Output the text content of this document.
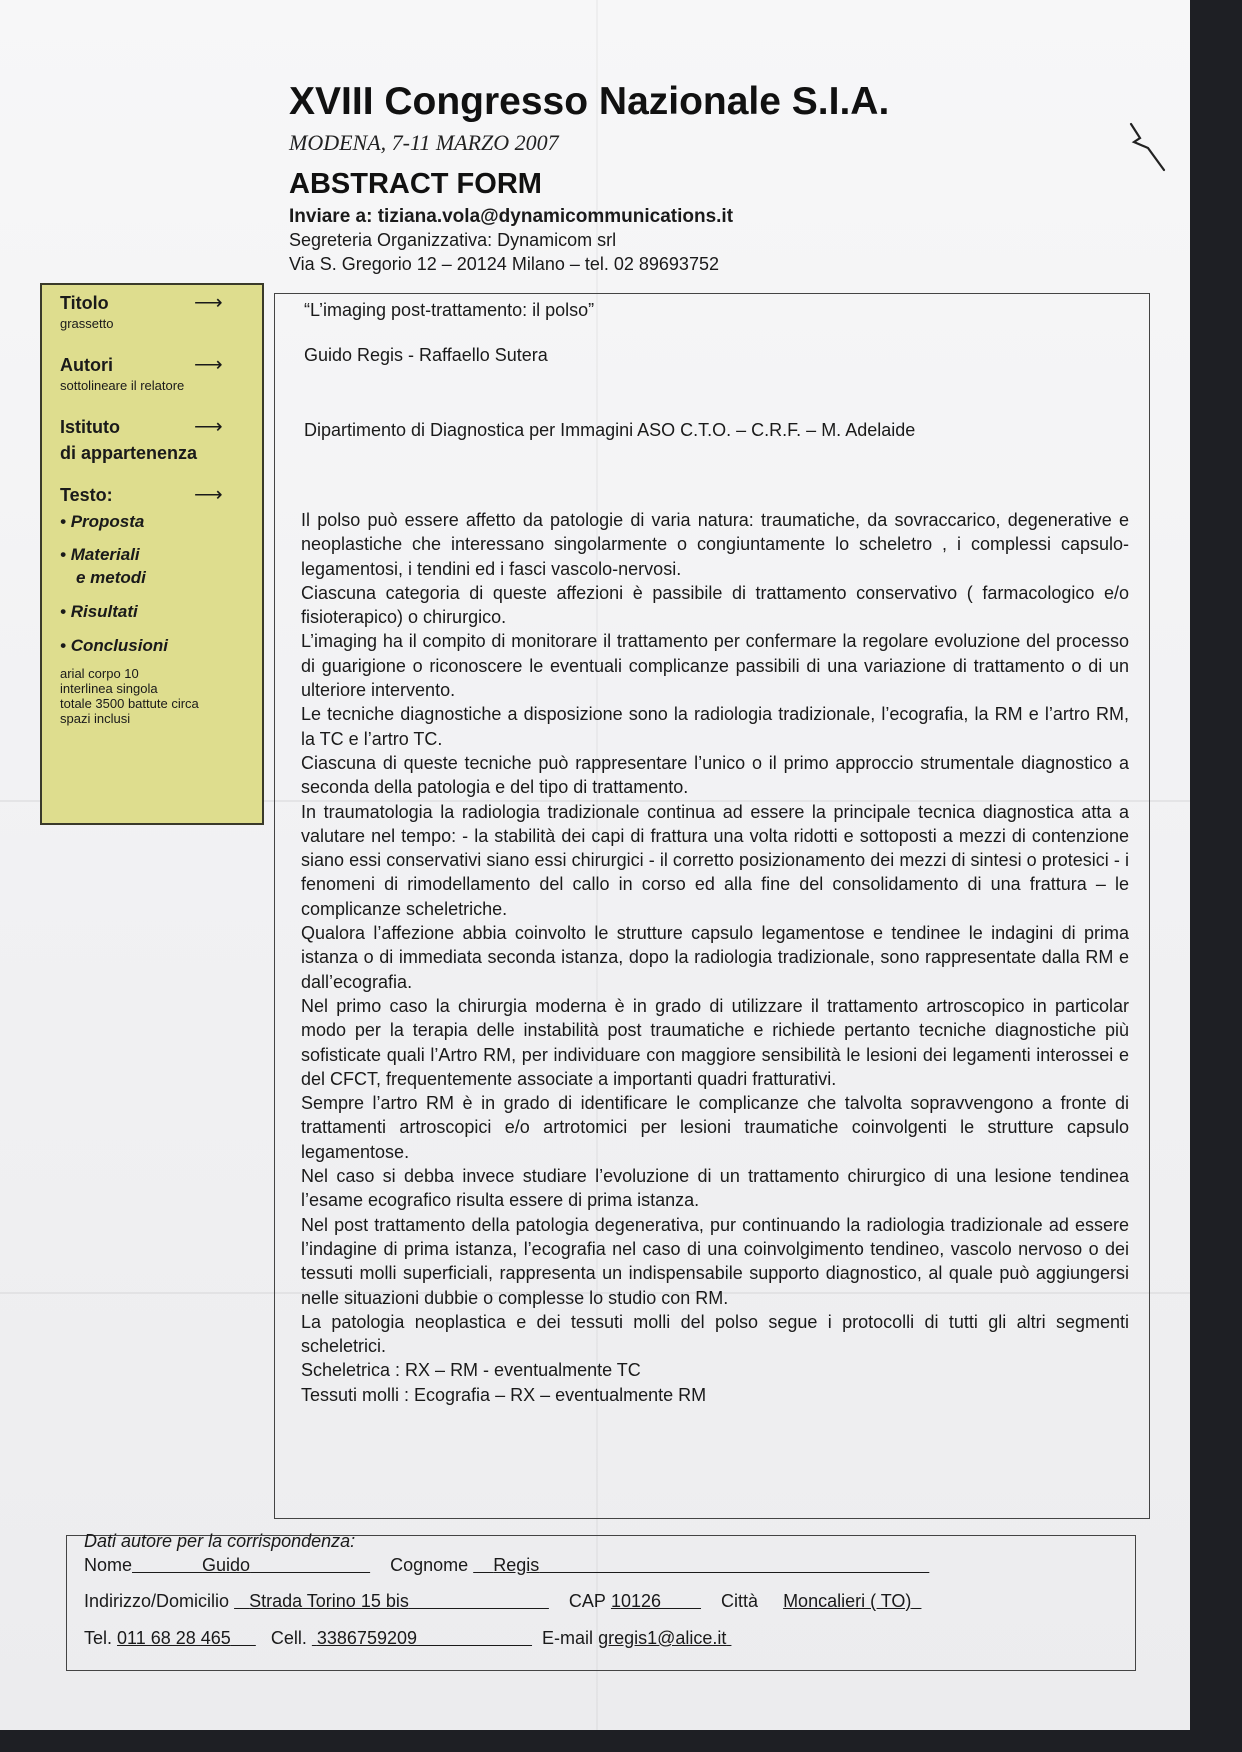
XVIII Congresso Nazionale S.I.A.
MODENA, 7-11 MARZO 2007
ABSTRACT FORM
Inviare a: tiziana.vola@dynamicommunications.it
Segreteria Organizzativa: Dynamicom srl
Via S. Gregorio 12 – 20124 Milano – tel. 02 89693752
Titolo
grassetto
⟶
Autori
sottolineare il relatore
⟶
Istituto
di appartenenza
⟶
Testo:	⟶
• Proposta
• Materiali
e metodi
• Risultati
• Conclusioni
arial corpo 10
interlinea singola
totale 3500 battute circa
spazi inclusi
“L’imaging post-trattamento: il polso”
Guido Regis - Raffaello Sutera
Dipartimento di Diagnostica per Immagini ASO C.T.O. – C.R.F. – M. Adelaide

Il polso può essere affetto da patologie di varia natura: traumatiche, da sovraccarico, degenerative e neoplastiche che interessano singolarmente o congiuntamente lo scheletro , i complessi capsulo-legamentosi, i tendini ed i fasci vascolo-nervosi.

Ciascuna categoria di queste affezioni è passibile di trattamento conservativo ( farmacologico e/o fisioterapico) o chirurgico.

L’imaging ha il compito di monitorare il trattamento per confermare la regolare evoluzione del processo di guarigione o riconoscere le eventuali complicanze passibili di una variazione di trattamento o di un ulteriore intervento.

Le tecniche diagnostiche a disposizione sono la radiologia tradizionale, l’ecografia, la RM e l’artro RM, la TC e l’artro TC.

Ciascuna di queste tecniche può rappresentare l’unico o il primo approccio strumentale diagnostico a seconda della patologia e del tipo di trattamento.

In traumatologia la radiologia tradizionale continua ad essere la principale tecnica diagnostica atta a valutare nel tempo: - la stabilità dei capi di frattura una volta ridotti e sottoposti a mezzi di contenzione siano essi conservativi siano essi chirurgici - il corretto posizionamento dei mezzi di sintesi o protesici - i fenomeni di rimodellamento del callo in corso ed alla fine del consolidamento di una frattura – le complicanze scheletriche.

Qualora l’affezione abbia coinvolto le strutture capsulo legamentose e tendinee le indagini di prima istanza o di immediata seconda istanza, dopo la radiologia tradizionale, sono rappresentate dalla RM e dall’ecografia.

Nel primo caso la chirurgia moderna è in grado di utilizzare il trattamento artroscopico in particolar modo per la terapia delle instabilità post traumatiche e richiede pertanto tecniche diagnostiche più sofisticate quali l’Artro RM, per individuare con maggiore sensibilità le lesioni dei legamenti interossei e del CFCT, frequentemente associate a importanti quadri fratturativi.

Sempre l’artro RM è in grado di identificare le complicanze che talvolta sopravvengono a fronte di trattamenti artroscopici e/o artrotomici per lesioni traumatiche coinvolgenti le strutture capsulo legamentose.

Nel caso si debba invece studiare l’evoluzione di un trattamento chirurgico di una lesione tendinea l’esame ecografico risulta essere di prima istanza.

Nel post trattamento della patologia degenerativa, pur continuando la radiologia tradizionale ad essere l’indagine di prima istanza, l’ecografia nel caso di una coinvolgimento tendineo, vascolo nervoso o dei tessuti molli superficiali, rappresenta un indispensabile supporto diagnostico, al quale può aggiungersi nelle situazioni dubbie o complesse lo studio con RM.

La patologia neoplastica e dei tessuti molli del polso segue i protocolli di tutti gli altri segmenti scheletrici.

Scheletrica : RX – RM - eventualmente TC

Tessuti molli : Ecografia – RX – eventualmente RM

Dati autore per la corrispondenza:
Nome	Guido	Cognome Regis
Indirizzo/Domicilio Strada Torino 15 bis	CAP 10126	Città Moncalieri ( TO)
Tel. 011 68 28 465 Cell. 3386759209	E-mail gregis1@alice.it
